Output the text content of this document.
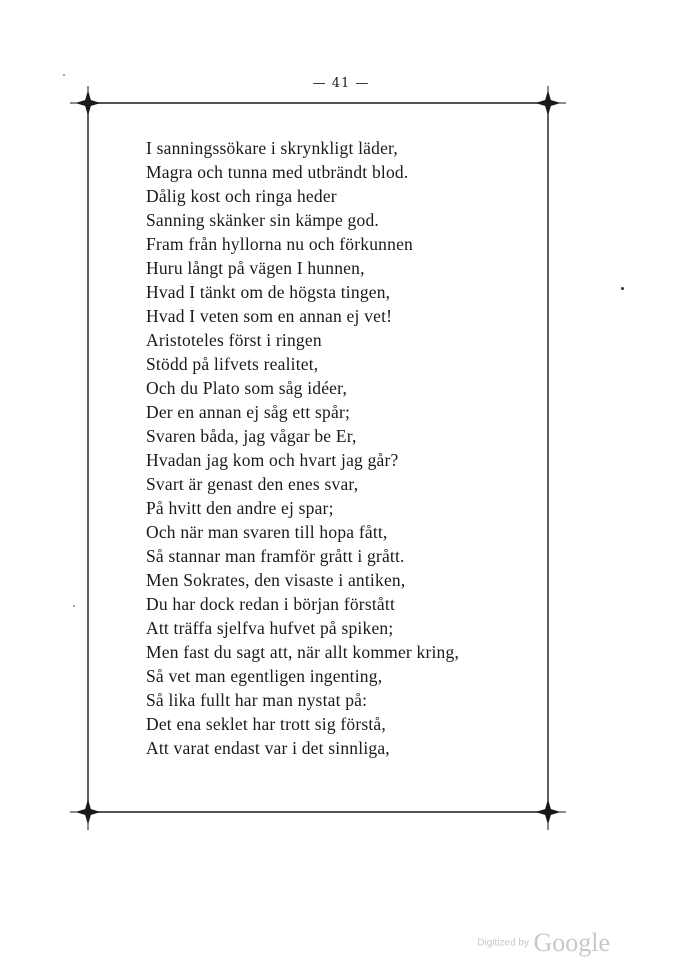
— 41 —
I sanningssökare i skrynkligt läder,
Magra och tunna med utbrändt blod.
Dålig kost och ringa heder
Sanning skänker sin kämpe god.
Fram från hyllorna nu och förkunnen
Huru långt på vägen I hunnen,
Hvad I tänkt om de högsta tingen,
Hvad I veten som en annan ej vet!
Aristoteles först i ringen
Stödd på lifvets realitet,
Och du Plato som såg idéer,
Der en annan ej såg ett spår;
Svaren båda, jag vågar be Er,
Hvadan jag kom och hvart jag går?
Svart är genast den enes svar,
På hvitt den andre ej spar;
Och när man svaren till hopa fått,
Så stannar man framför grått i grått.
Men Sokrates, den visaste i antiken,
Du har dock redan i början förstått
Att träffa sjelfva hufvet på spiken;
Men fast du sagt att, när allt kommer kring,
Så vet man egentligen ingenting,
Så lika fullt har man nystat på:
Det ena seklet har trott sig förstå,
Att varat endast var i det sinnliga,
Digitized by Google
